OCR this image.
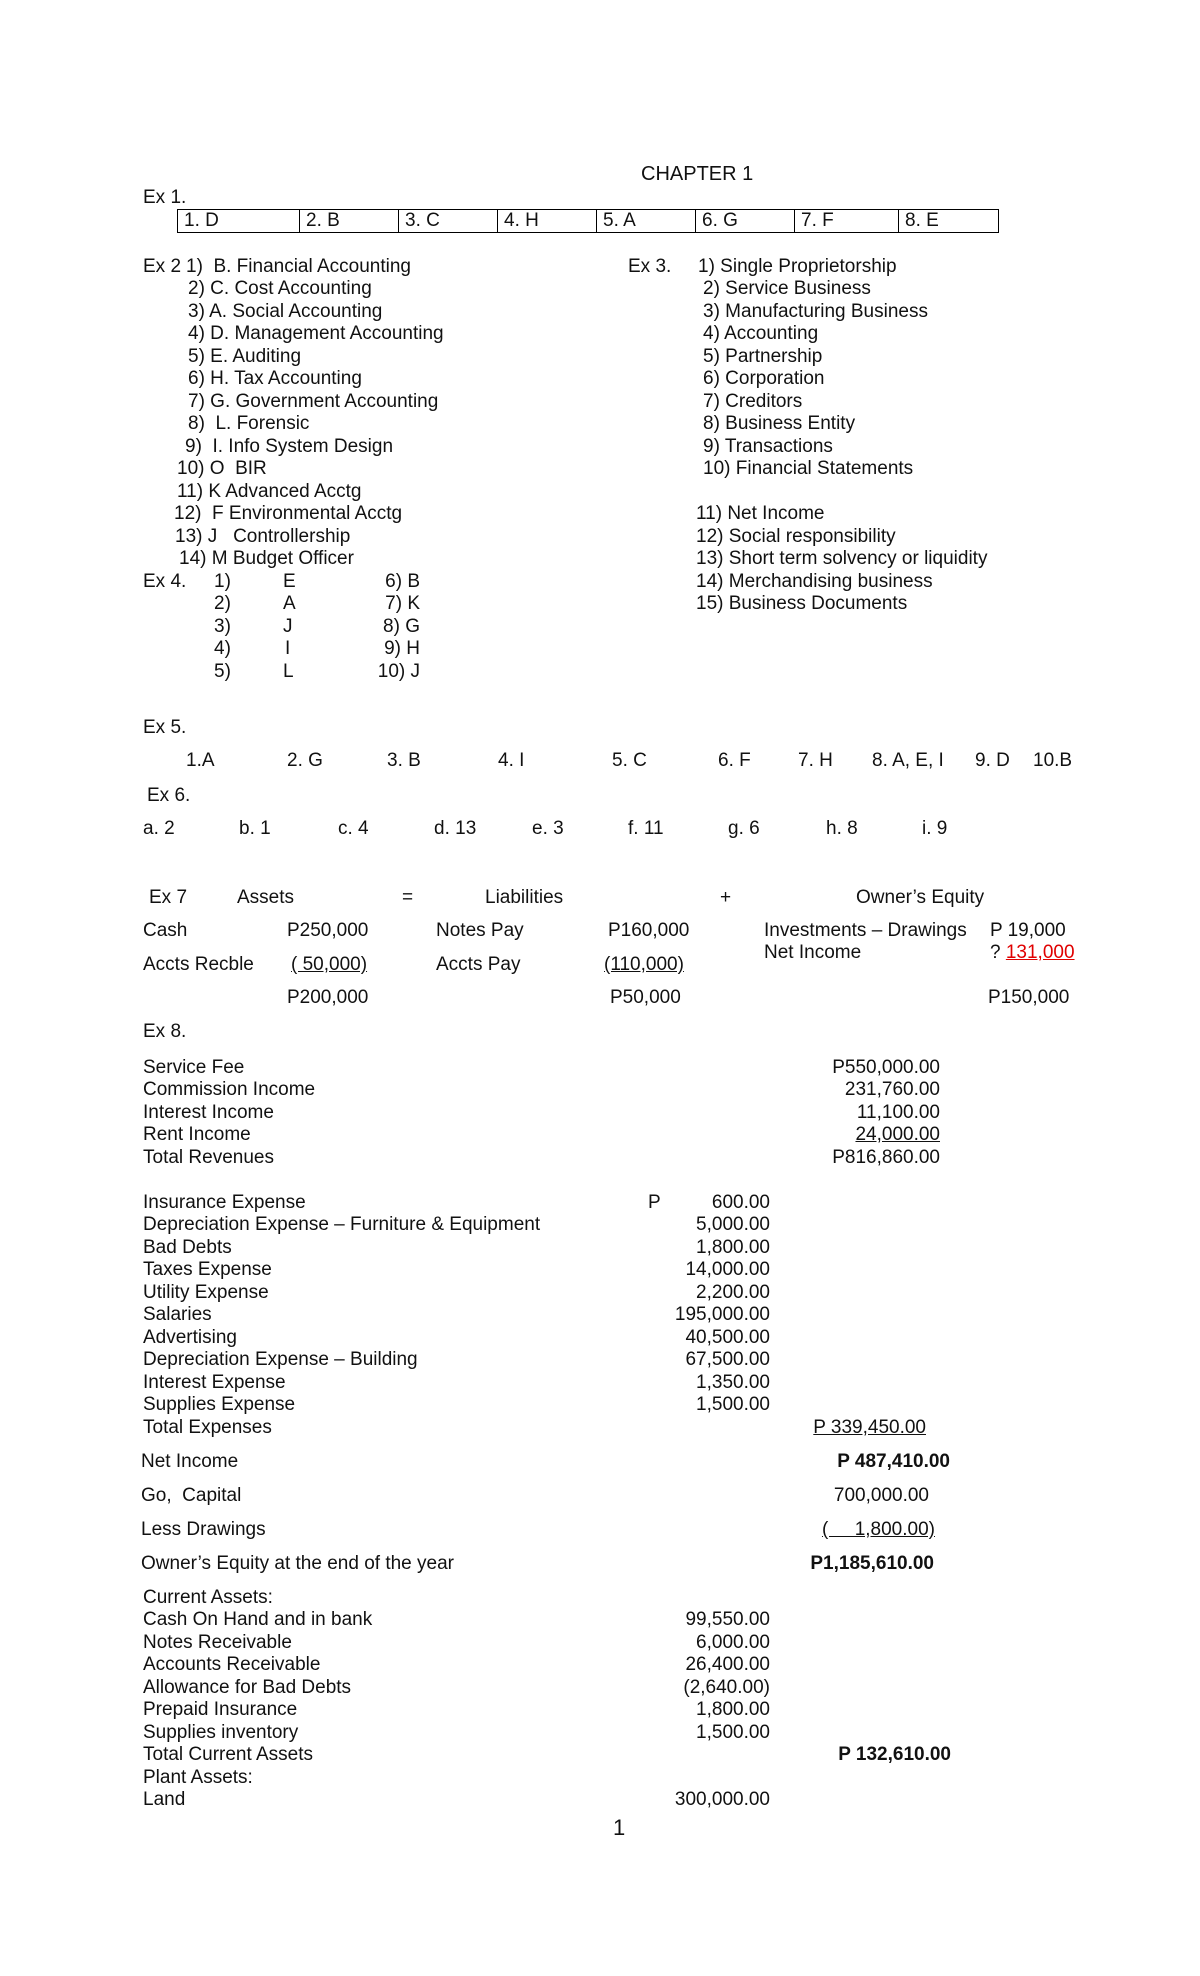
CHAPTER 1
Ex 1.
1. D	2. B	3. C	4. H	5. A	6. G	7. F	8. E
Ex 2 1)  B. Financial Accounting
2) C. Cost Accounting
3) A. Social Accounting
4) D. Management Accounting
5) E. Auditing
6) H. Tax Accounting
7) G. Government Accounting
8)  L. Forensic
9)  I. Info System Design
10) O  BIR
11) K Advanced Acctg
12)  F Environmental Acctg
13) J   Controllership
14) M Budget Officer
Ex 3. 1) Single Proprietorship
2) Service Business
3) Manufacturing Business
4) Accounting
5) Partnership
6) Corporation
7) Creditors
8) Business Entity
9) Transactions
10) Financial Statements
11) Net Income
12) Social responsibility
13) Short term solvency or liquidity
14) Merchandising business
15) Business Documents
Ex 4. 1)	E	6) B
2)	A	7) K
3)	J	8) G
4)	I	9) H
5)	L	10) J
Ex 5.
1.A	2. G	3. B	4. I	5. C	6. F 7. H 8. A, E, I 9. D 10.B
Ex 6.
a. 2	b. 1	c. 4	d. 13	e. 3	f. 11	g. 6	h. 8	i. 9
Ex 7	Assets	=	Liabilities	+	Owner’s Equity
Cash	P250,000	Notes Pay	P160,000	Investments – Drawings P 19,000
Net Income	? 131,000
Accts Recble ( 50,000)	Accts Pay	(110,000)
P200,000	P50,000	P150,000
Ex 8.
Service Fee	P550,000.00
Commission Income	231,760.00
Interest Income	11,100.00
Rent Income	24,000.00
Total Revenues	P816,860.00
P
Insurance Expense	600.00
Depreciation Expense – Furniture & Equipment	5,000.00
Bad Debts	1,800.00
Taxes Expense	14,000.00
Utility Expense	2,200.00
Salaries	195,000.00
Advertising	40,500.00
Depreciation Expense – Building	67,500.00
Interest Expense	1,350.00
Supplies Expense	1,500.00
Total Expenses	P 339,450.00
Net Income	P 487,410.00
Go,  Capital	700,000.00
Less Drawings	(     1,800.00)
Owner’s Equity at the end of the year	P1,185,610.00
Current Assets:
Cash On Hand and in bank	99,550.00
Notes Receivable	6,000.00
Accounts Receivable	26,400.00
Allowance for Bad Debts	(2,640.00)
Prepaid Insurance	1,800.00
Supplies inventory	1,500.00
Total Current Assets	P 132,610.00
Plant Assets:
Land	300,000.00
1
